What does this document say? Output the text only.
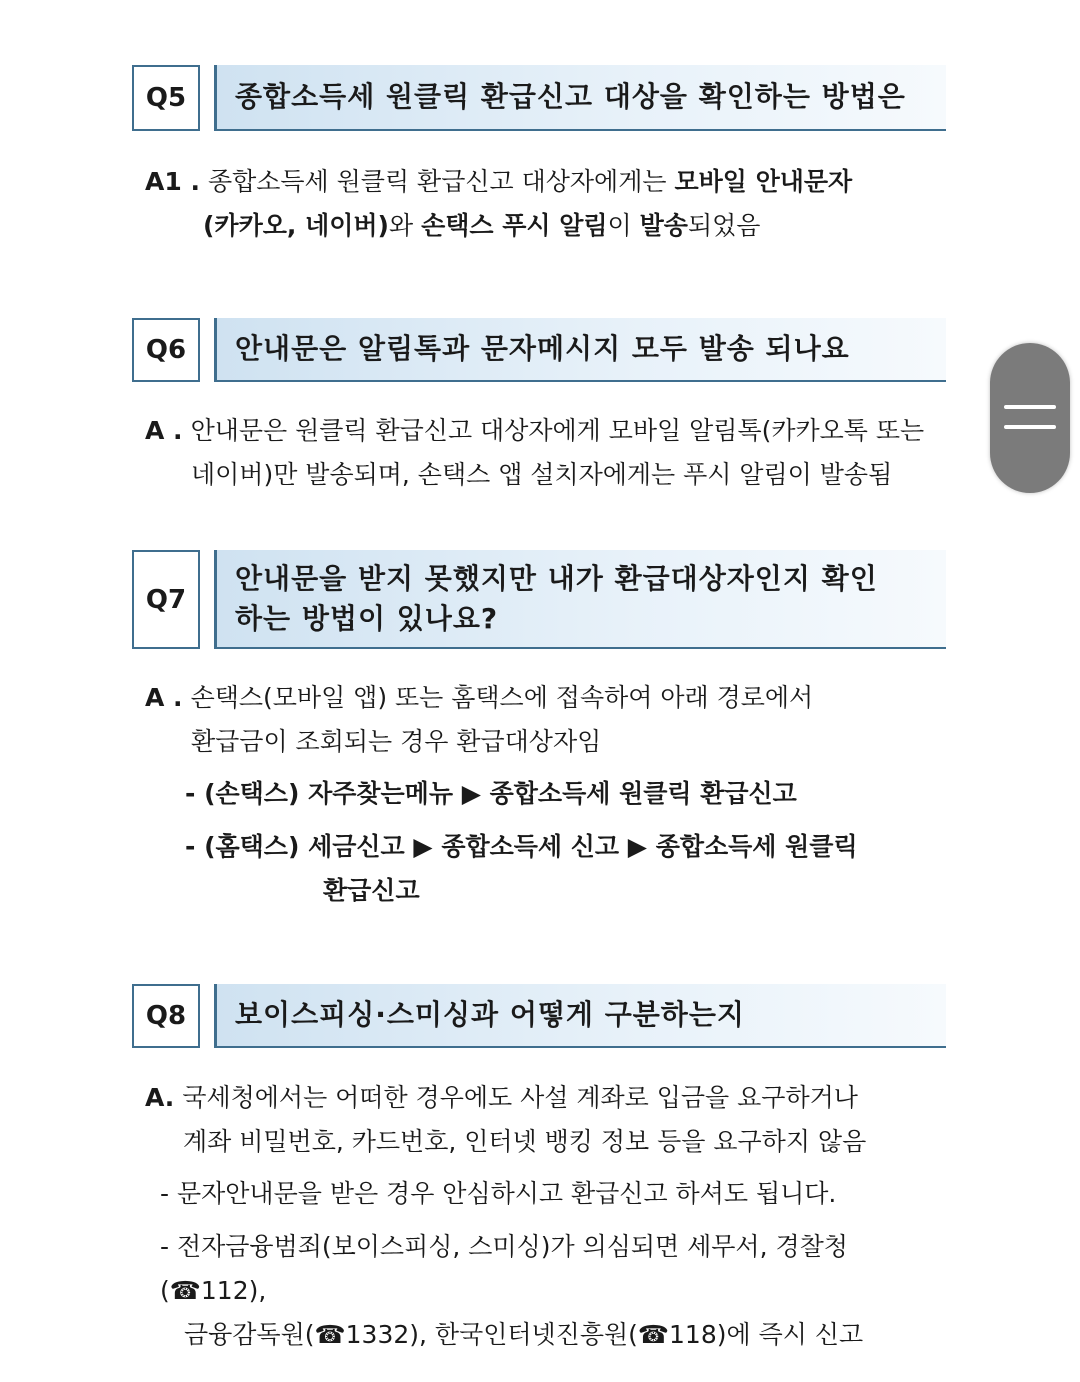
Q5	종합소득세 원클릭 환급신고 대상을 확인하는 방법은
A1 . 종합소득세 원클릭 환급신고 대상자에게는 모바일 안내문자
(카카오, 네이버)와 손택스 푸시 알림이 발송되었음
Q6	안내문은 알림톡과 문자메시지 모두 발송 되나요
A . 안내문은 원클릭 환급신고 대상자에게 모바일 알림톡(카카오톡 또는
네이버)만 발송되며, 손택스 앱 설치자에게는 푸시 알림이 발송됨
Q7
안내문을 받지 못했지만 내가 환급대상자인지 확인
하는 방법이 있나요?
A . 손택스(모바일 앱) 또는 홈택스에 접속하여 아래 경로에서
환급금이 조회되는 경우 환급대상자임
- (손택스) 자주찾는메뉴 ▶ 종합소득세 원클릭 환급신고
- (홈택스) 세금신고 ▶ 종합소득세 신고 ▶ 종합소득세 원클릭
환급신고
Q8	보이스피싱·스미싱과 어떻게 구분하는지
A. 국세청에서는 어떠한 경우에도 사설 계좌로 입금을 요구하거나
계좌 비밀번호, 카드번호, 인터넷 뱅킹 정보 등을 요구하지 않음
- 문자안내문을 받은 경우 안심하시고 환급신고 하셔도 됩니다.
- 전자금융범죄(보이스피싱, 스미싱)가 의심되면 세무서, 경찰청(☎112),
금융감독원(☎1332), 한국인터넷진흥원(☎118)에 즉시 신고
